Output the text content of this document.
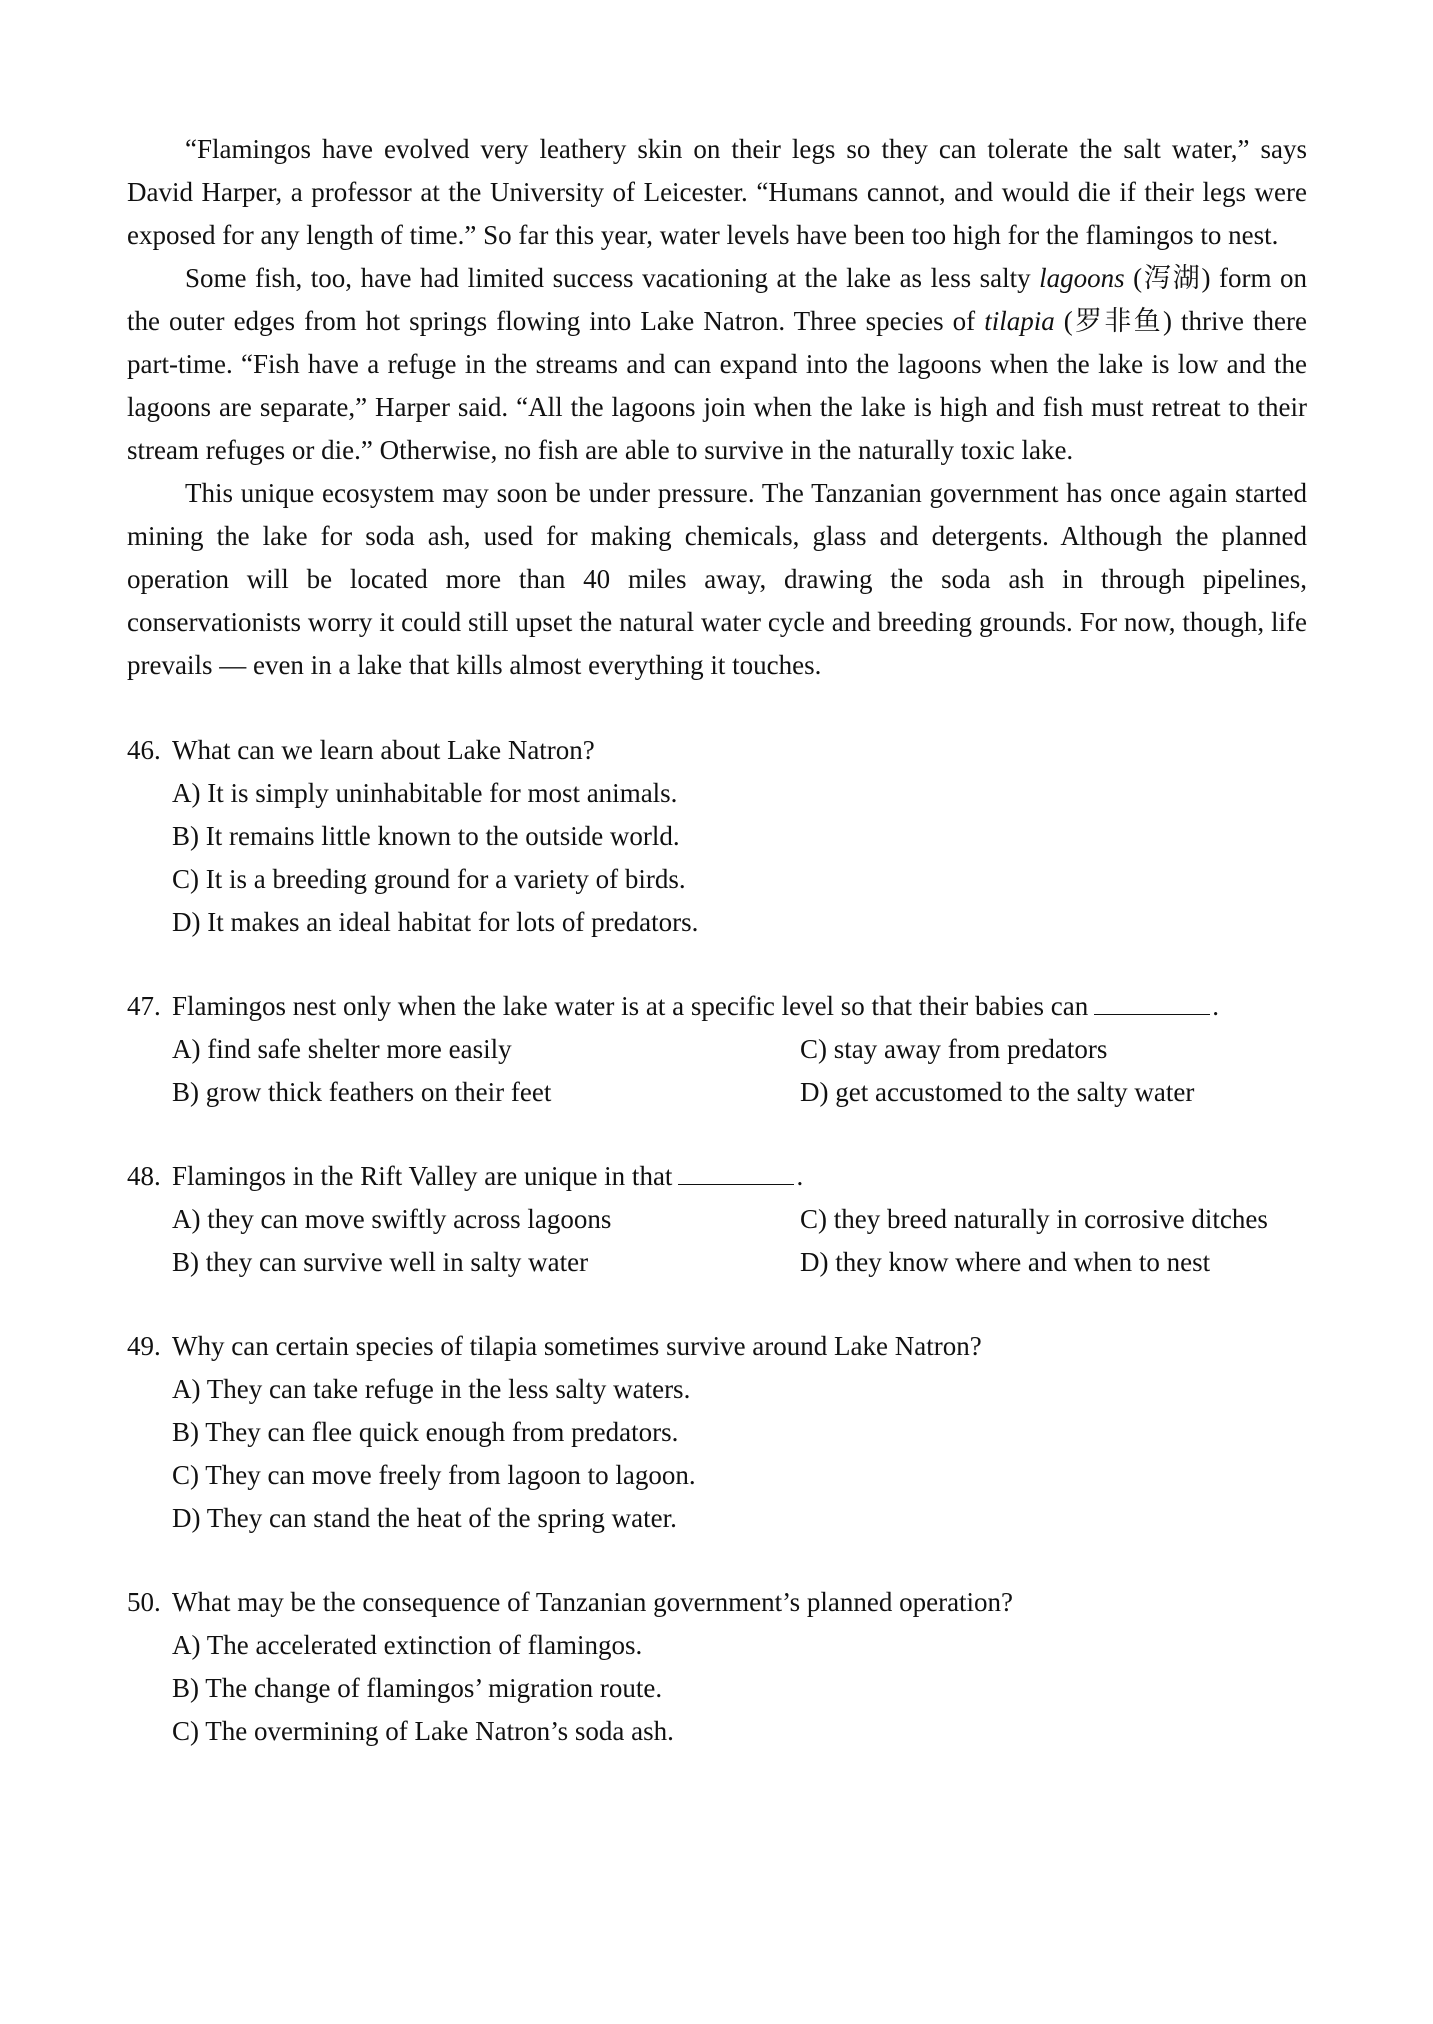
“Flamingos have evolved very leathery skin on their legs so they can tolerate the salt water,” says David Harper, a professor at the University of Leicester. “Humans cannot, and would die if their legs were exposed for any length of time.” So far this year, water levels have been too high for the flamingos to nest.

Some fish, too, have had limited success vacationing at the lake as less salty lagoons (泻湖) form on the outer edges from hot springs flowing into Lake Natron. Three species of tilapia (罗非鱼) thrive there part-time. “Fish have a refuge in the streams and can expand into the lagoons when the lake is low and the lagoons are separate,” Harper said. “All the lagoons join when the lake is high and fish must retreat to their stream refuges or die.” Otherwise, no fish are able to survive in the naturally toxic lake.

This unique ecosystem may soon be under pressure. The Tanzanian government has once again started mining the lake for soda ash, used for making chemicals, glass and detergents. Although the planned operation will be located more than 40 miles away, drawing the soda ash in through pipelines, conservationists worry it could still upset the natural water cycle and breeding grounds. For now, though, life prevails — even in a lake that kills almost everything it touches.

46. What can we learn about Lake Natron?
A) It is simply uninhabitable for most animals.
B) It remains little known to the outside world.
C) It is a breeding ground for a variety of birds.
D) It makes an ideal habitat for lots of predators.
47. Flamingos nest only when the lake water is at a specific level so that their babies can	.
A) find safe shelter more easily	C) stay away from predators
B) grow thick feathers on their feet	D) get accustomed to the salty water
48. Flamingos in the Rift Valley are unique in that	.
A) they can move swiftly across lagoons	C) they breed naturally in corrosive ditches
B) they can survive well in salty water	D) they know where and when to nest
49. Why can certain species of tilapia sometimes survive around Lake Natron?
A) They can take refuge in the less salty waters.
B) They can flee quick enough from predators.
C) They can move freely from lagoon to lagoon.
D) They can stand the heat of the spring water.
50. What may be the consequence of Tanzanian government’s planned operation?
A) The accelerated extinction of flamingos.
B) The change of flamingos’ migration route.
C) The overmining of Lake Natron’s soda ash.
